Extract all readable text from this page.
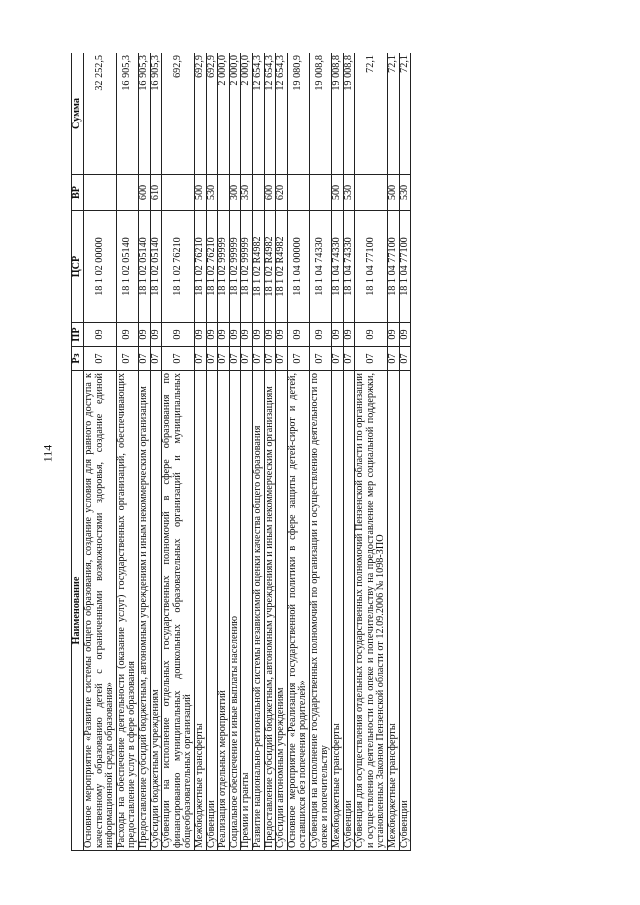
114
Наименование	Рз	ПР	ЦСР	ВР	Сумма
Основное мероприятие «Развитие системы общего образования, создание условия для равного доступа к качественному образованию детей с ограниченными возможностями здоровья, создание единой информационной среды образования»	07	09	18 1 02 00000		32 252,5
Расходы на обеспечение деятельности (оказание услуг) государственных организаций, обеспечивающих предоставление услуг в сфере образования	07	09	18 1 02 05140		16 905,3
Предоставление субсидий бюджетным, автономным учреждениям и иным некоммерческим организациям	07	09	18 1 02 05140	600	16 905,3
Субсидии бюджетным учреждениям	07	09	18 1 02 05140	610	16 905,3
Субвенции на исполнение отдельных государственных полномочий в сфере образования по финансированию муниципальных дошкольных образовательных организаций и муниципальных общеобразовательных организаций	07	09	18 1 02 76210		692,9
Межбюджетные трансферты	07	09	18 1 02 76210	500	692,9
Субвенции	07	09	18 1 02 76210	530	692,9
Реализация отдельных мероприятий	07	09	18 1 02 99999		2 000,0
Социальное обеспечение и иные выплаты населению	07	09	18 1 02 99999	300	2 000,0
Премии и гранты	07	09	18 1 02 99999	350	2 000,0
Развитие национально-региональной системы независимой оценки качества общего образования	07	09	18 1 02 R4982		12 654,3
Предоставление субсидий бюджетным, автономным учреждениям и иным некоммерческим организациям	07	09	18 1 02 R4982	600	12 654,3
Субсидии автономным учреждениям	07	09	18 1 02 R4982	620	12 654,3
Основное мероприятие «Реализация государственной политики в сфере защиты детей-сирот и детей, оставшихся без попечения родителей»	07	09	18 1 04 00000		19 080,9
Субвенция на исполнение государственных полномочий по организации и осуществлению деятельности по опеке и попечительству	07	09	18 1 04 74330		19 008,8
Межбюджетные трансферты	07	09	18 1 04 74330	500	19 008,8
Субвенции	07	09	18 1 04 74330	530	19 008,8
Субвенция для осуществления отдельных государственных полномочий Пензенской области по организации и осуществлению деятельности по опеке и попечительству на предоставление мер социальной поддержки, установленных Законом Пензенской области от 12.09.2006 № 1098-ЗПО	07	09	18 1 04 77100		72,1
Межбюджетные трансферты	07	09	18 1 04 77100	500	72,1
Субвенции	07	09	18 1 04 77100	530	72,1
